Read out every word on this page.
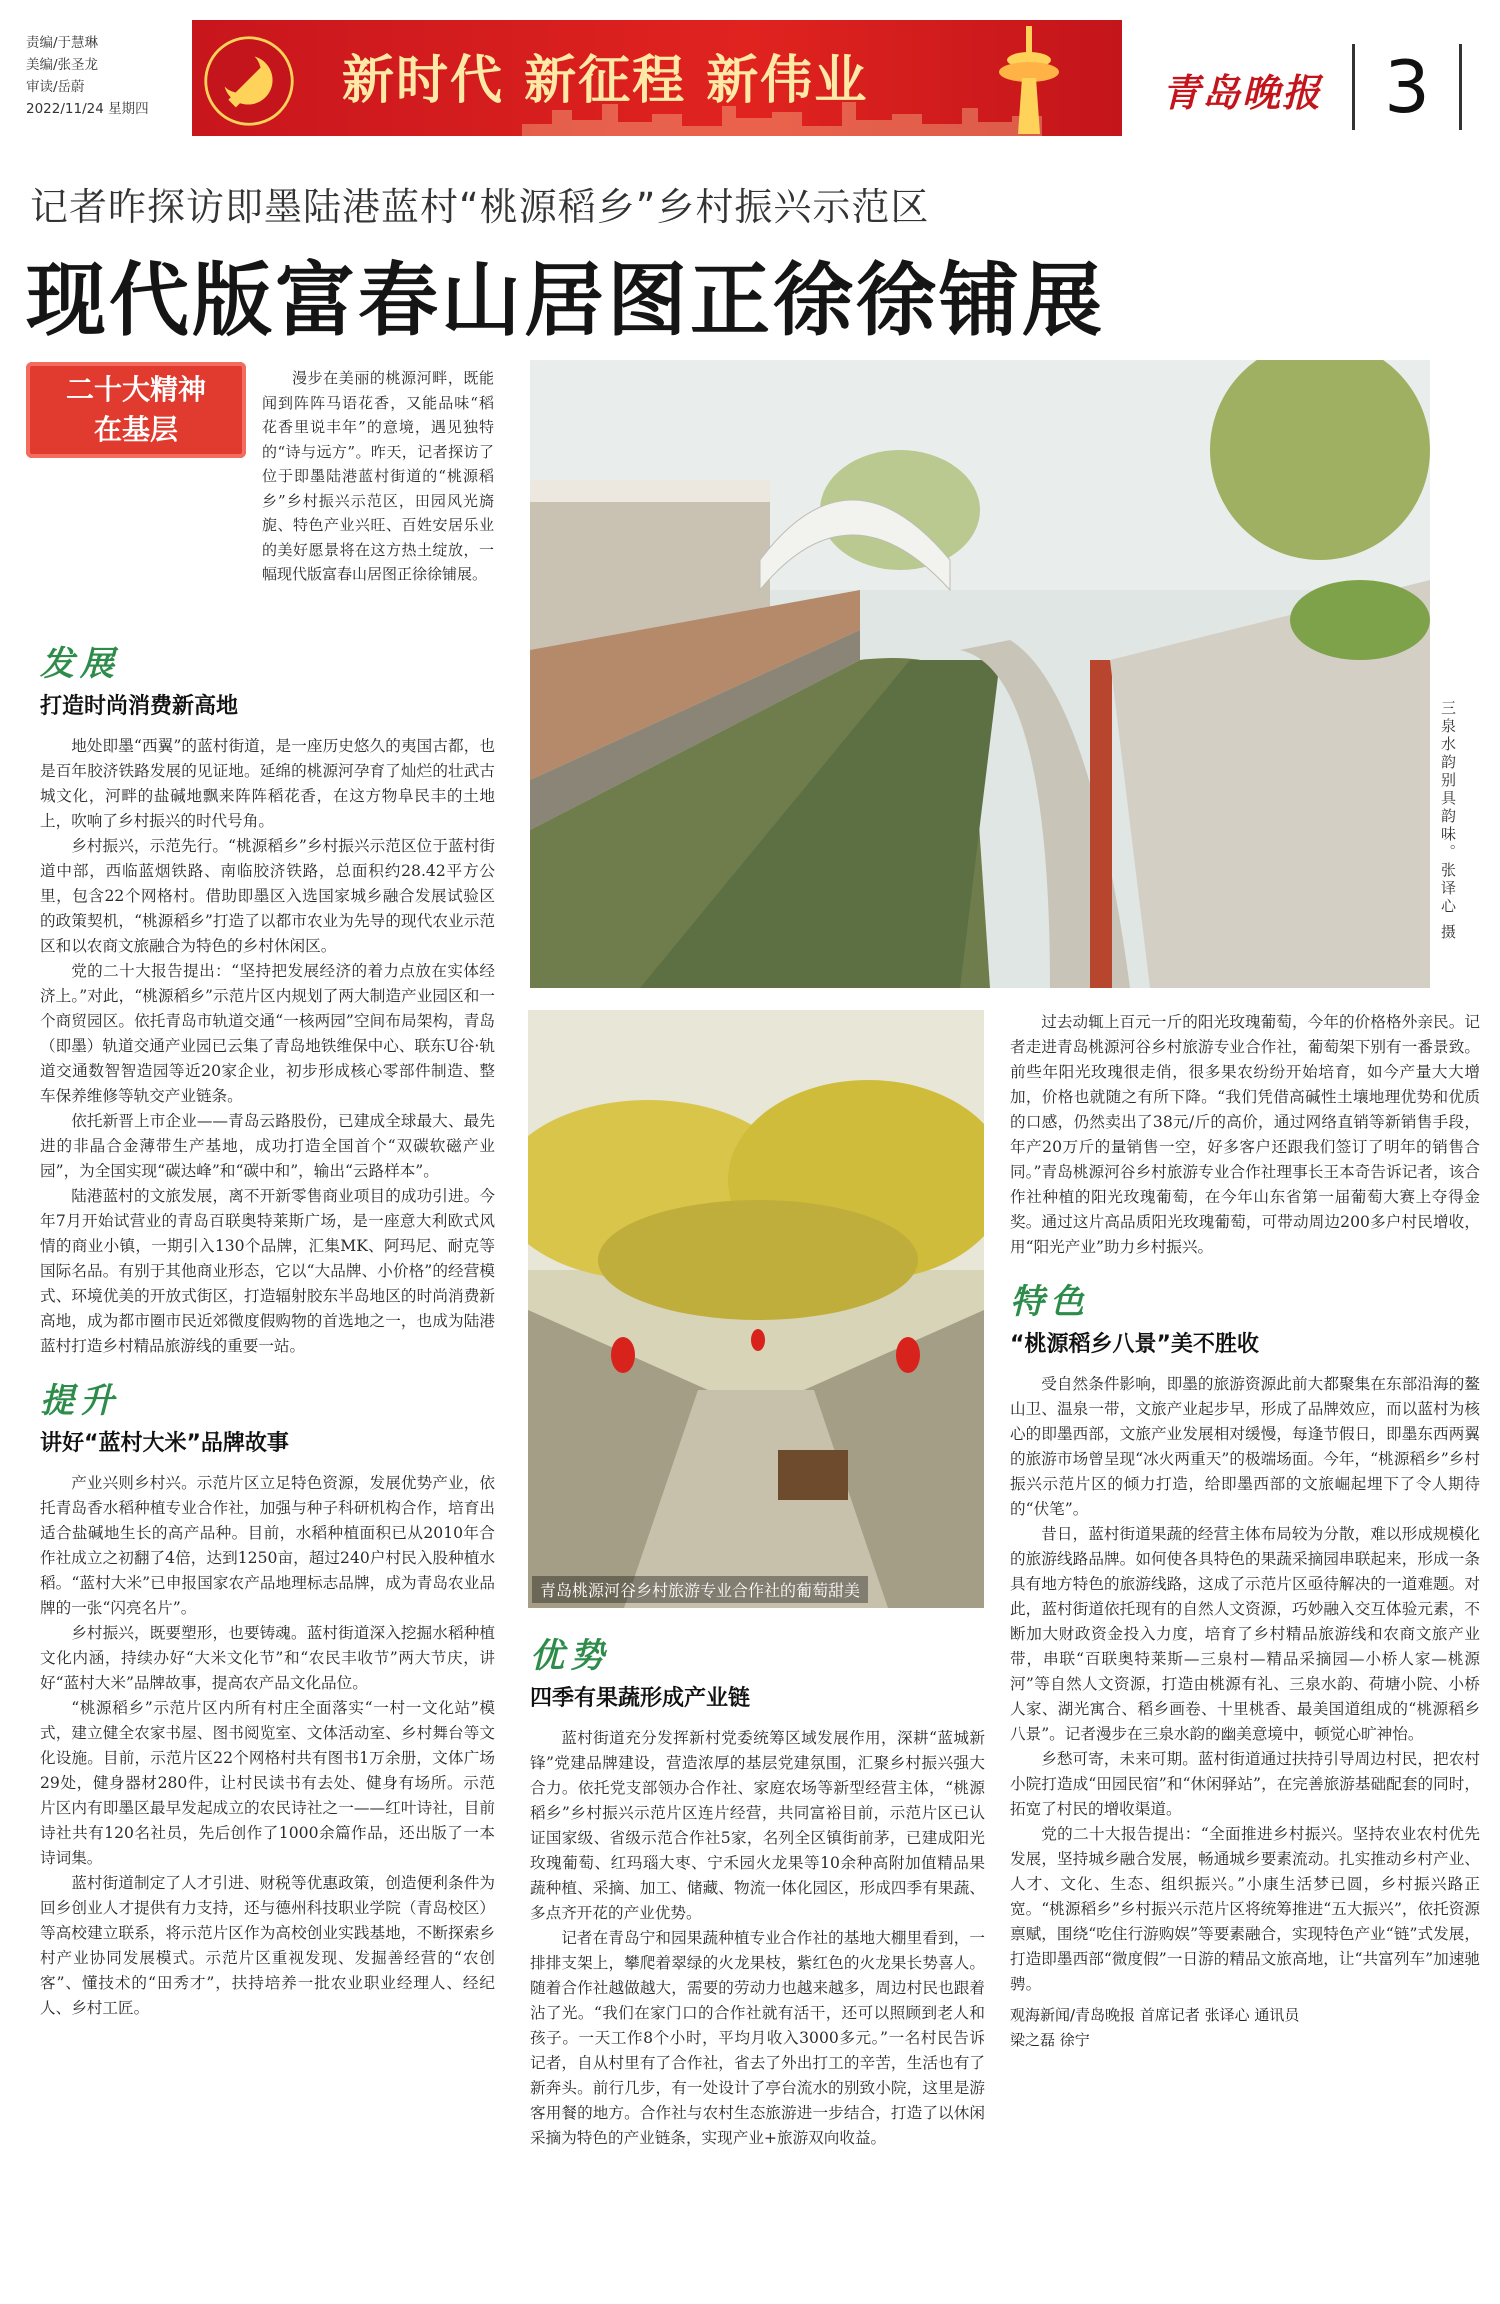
责编/于慧琳
美编/张圣龙
审读/岳蔚
2022/11/24 星期四	新时代 新征程 新伟业	青岛晚报 3
记者昨探访即墨陆港蓝村“桃源稻乡”乡村振兴示范区
现代版富春山居图正徐徐铺展
二十大精神
在基层
漫步在美丽的桃源河畔，既能闻到阵阵马语花香，又能品味“稻花香里说丰年”的意境，遇见独特的“诗与远方”。昨天，记者探访了位于即墨陆港蓝村街道的“桃源稻乡”乡村振兴示范区，田园风光旖旎、特色产业兴旺、百姓安居乐业的美好愿景将在这方热土绽放，一幅现代版富春山居图正徐徐铺展。
三泉水韵别具韵味。张译心 摄
青岛桃源河谷乡村旅游专业合作社的葡萄甜美
发展
打造时尚消费新高地

地处即墨“西翼”的蓝村街道，是一座历史悠久的夷国古都，也是百年胶济铁路发展的见证地。延绵的桃源河孕育了灿烂的壮武古城文化，河畔的盐碱地飘来阵阵稻花香，在这方物阜民丰的土地上，吹响了乡村振兴的时代号角。

乡村振兴，示范先行。“桃源稻乡”乡村振兴示范区位于蓝村街道中部，西临蓝烟铁路、南临胶济铁路，总面积约28.42平方公里，包含22个网格村。借助即墨区入选国家城乡融合发展试验区的政策契机，“桃源稻乡”打造了以都市农业为先导的现代农业示范区和以农商文旅融合为特色的乡村休闲区。

党的二十大报告提出：“坚持把发展经济的着力点放在实体经济上。”对此，“桃源稻乡”示范片区内规划了两大制造产业园区和一个商贸园区。依托青岛市轨道交通“一核两园”空间布局架构，青岛（即墨）轨道交通产业园已云集了青岛地铁维保中心、联东U谷·轨道交通数智智造园等近20家企业，初步形成核心零部件制造、整车保养维修等轨交产业链条。

依托新晋上市企业——青岛云路股份，已建成全球最大、最先进的非晶合金薄带生产基地，成功打造全国首个“双碳软磁产业园”，为全国实现“碳达峰”和“碳中和”，输出“云路样本”。

陆港蓝村的文旅发展，离不开新零售商业项目的成功引进。今年7月开始试营业的青岛百联奥特莱斯广场，是一座意大利欧式风情的商业小镇，一期引入130个品牌，汇集MK、阿玛尼、耐克等国际名品。有别于其他商业形态，它以“大品牌、小价格”的经营模式、环境优美的开放式街区，打造辐射胶东半岛地区的时尚消费新高地，成为都市圈市民近郊微度假购物的首选地之一，也成为陆港蓝村打造乡村精品旅游线的重要一站。

提升
讲好“蓝村大米”品牌故事

产业兴则乡村兴。示范片区立足特色资源，发展优势产业，依托青岛香水稻种植专业合作社，加强与种子科研机构合作，培育出适合盐碱地生长的高产品种。目前，水稻种植面积已从2010年合作社成立之初翻了4倍，达到1250亩，超过240户村民入股种植水稻。“蓝村大米”已申报国家农产品地理标志品牌，成为青岛农业品牌的一张“闪亮名片”。

乡村振兴，既要塑形，也要铸魂。蓝村街道深入挖掘水稻种植文化内涵，持续办好“大米文化节”和“农民丰收节”两大节庆，讲好“蓝村大米”品牌故事，提高农产品文化品位。

“桃源稻乡”示范片区内所有村庄全面落实“一村一文化站”模式，建立健全农家书屋、图书阅览室、文体活动室、乡村舞台等文化设施。目前，示范片区22个网格村共有图书1万余册，文体广场29处，健身器材280件，让村民读书有去处、健身有场所。示范片区内有即墨区最早发起成立的农民诗社之一——红叶诗社，目前诗社共有120名社员，先后创作了1000余篇作品，还出版了一本诗词集。

蓝村街道制定了人才引进、财税等优惠政策，创造便利条件为回乡创业人才提供有力支持，还与德州科技职业学院（青岛校区）等高校建立联系，将示范片区作为高校创业实践基地，不断探索乡村产业协同发展模式。示范片区重视发现、发掘善经营的“农创客”、懂技术的“田秀才”，扶持培养一批农业职业经理人、经纪人、乡村工匠。

优势
四季有果蔬形成产业链

蓝村街道充分发挥新村党委统筹区域发展作用，深耕“蓝城新锋”党建品牌建设，营造浓厚的基层党建氛围，汇聚乡村振兴强大合力。依托党支部领办合作社、家庭农场等新型经营主体，“桃源稻乡”乡村振兴示范片区连片经营，共同富裕目前，示范片区已认证国家级、省级示范合作社5家，名列全区镇街前茅，已建成阳光玫瑰葡萄、红玛瑙大枣、宁禾园火龙果等10余种高附加值精品果蔬种植、采摘、加工、储藏、物流一体化园区，形成四季有果蔬、多点齐开花的产业优势。

记者在青岛宁和园果蔬种植专业合作社的基地大棚里看到，一排排支架上，攀爬着翠绿的火龙果枝，紫红色的火龙果长势喜人。随着合作社越做越大，需要的劳动力也越来越多，周边村民也跟着沾了光。“我们在家门口的合作社就有活干，还可以照顾到老人和孩子。一天工作8个小时，平均月收入3000多元。”一名村民告诉记者，自从村里有了合作社，省去了外出打工的辛苦，生活也有了新奔头。前行几步，有一处设计了亭台流水的别致小院，这里是游客用餐的地方。合作社与农村生态旅游进一步结合，打造了以休闲采摘为特色的产业链条，实现产业+旅游双向收益。

过去动辄上百元一斤的阳光玫瑰葡萄，今年的价格格外亲民。记者走进青岛桃源河谷乡村旅游专业合作社，葡萄架下别有一番景致。前些年阳光玫瑰很走俏，很多果农纷纷开始培育，如今产量大大增加，价格也就随之有所下降。“我们凭借高碱性土壤地理优势和优质的口感，仍然卖出了38元/斤的高价，通过网络直销等新销售手段，年产20万斤的量销售一空，好多客户还跟我们签订了明年的销售合同。”青岛桃源河谷乡村旅游专业合作社理事长王本奇告诉记者，该合作社种植的阳光玫瑰葡萄，在今年山东省第一届葡萄大赛上夺得金奖。通过这片高品质阳光玫瑰葡萄，可带动周边200多户村民增收，用“阳光产业”助力乡村振兴。

特色
“桃源稻乡八景”美不胜收

受自然条件影响，即墨的旅游资源此前大都聚集在东部沿海的鳌山卫、温泉一带，文旅产业起步早，形成了品牌效应，而以蓝村为核心的即墨西部，文旅产业发展相对缓慢，每逢节假日，即墨东西两翼的旅游市场曾呈现“冰火两重天”的极端场面。今年，“桃源稻乡”乡村振兴示范片区的倾力打造，给即墨西部的文旅崛起埋下了令人期待的“伏笔”。

昔日，蓝村街道果蔬的经营主体布局较为分散，难以形成规模化的旅游线路品牌。如何使各具特色的果蔬采摘园串联起来，形成一条具有地方特色的旅游线路，这成了示范片区亟待解决的一道难题。对此，蓝村街道依托现有的自然人文资源，巧妙融入交互体验元素，不断加大财政资金投入力度，培育了乡村精品旅游线和农商文旅产业带，串联“百联奥特莱斯—三泉村—精品采摘园—小桥人家—桃源河”等自然人文资源，打造由桃源有礼、三泉水韵、荷塘小院、小桥人家、湖光寓合、稻乡画卷、十里桃香、最美国道组成的“桃源稻乡八景”。记者漫步在三泉水韵的幽美意境中，顿觉心旷神怡。

乡愁可寄，未来可期。蓝村街道通过扶持引导周边村民，把农村小院打造成“田园民宿”和“休闲驿站”，在完善旅游基础配套的同时，拓宽了村民的增收渠道。

党的二十大报告提出：“全面推进乡村振兴。坚持农业农村优先发展，坚持城乡融合发展，畅通城乡要素流动。扎实推动乡村产业、人才、文化、生态、组织振兴。”小康生活梦已圆，乡村振兴路正宽。“桃源稻乡”乡村振兴示范片区将统筹推进“五大振兴”，依托资源禀赋，围绕“吃住行游购娱”等要素融合，实现特色产业“链”式发展，打造即墨西部“微度假”一日游的精品文旅高地，让“共富列车”加速驰骋。

观海新闻/青岛晚报 首席记者 张译心 通讯员
梁之磊 徐宁
